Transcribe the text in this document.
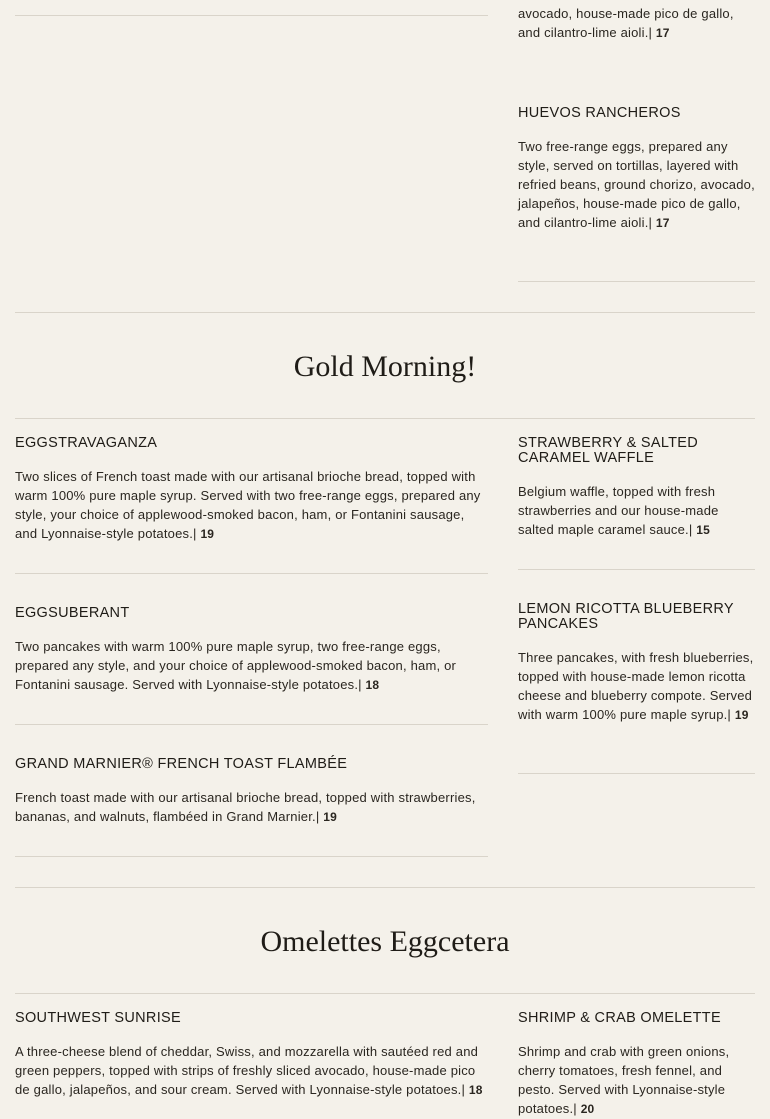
avocado, house-made pico de gallo, and cilantro-lime aioli.| 17

HUEVOS RANCHEROS

Two free-range eggs, prepared any style, served on tortillas, layered with refried beans, ground chorizo, avocado, jalapeños, house-made pico de gallo, and cilantro-lime aioli.| 17

Gold Morning!
EGGSTRAVAGANZA

Two slices of French toast made with our artisanal brioche bread, topped with warm 100% pure maple syrup. Served with two free-range eggs, prepared any style, your choice of applewood-smoked bacon, ham, or Fontanini sausage, and Lyonnaise-style potatoes.| 19

EGGSUBERANT

Two pancakes with warm 100% pure maple syrup, two free-range eggs, prepared any style, and your choice of applewood-smoked bacon, ham, or Fontanini sausage. Served with Lyonnaise-style potatoes.| 18

GRAND MARNIER® FRENCH TOAST FLAMBÉE

French toast made with our artisanal brioche bread, topped with strawberries, bananas, and walnuts, flambéed in Grand Marnier.| 19

STRAWBERRY & SALTED CARAMEL WAFFLE

Belgium waffle, topped with fresh strawberries and our house-made salted maple caramel sauce.| 15

LEMON RICOTTA BLUEBERRY PANCAKES

Three pancakes, with fresh blueberries, topped with house-made lemon ricotta cheese and blueberry compote. Served with warm 100% pure maple syrup.| 19

Omelettes Eggcetera
SOUTHWEST SUNRISE

A three-cheese blend of cheddar, Swiss, and mozzarella with sautéed red and green peppers, topped with strips of freshly sliced avocado, house-made pico de gallo, jalapeños, and sour cream. Served with Lyonnaise-style potatoes.| 18

SHRIMP & CRAB OMELETTE

Shrimp and crab with green onions, cherry tomatoes, fresh fennel, and pesto. Served with Lyonnaise-style potatoes.| 20
